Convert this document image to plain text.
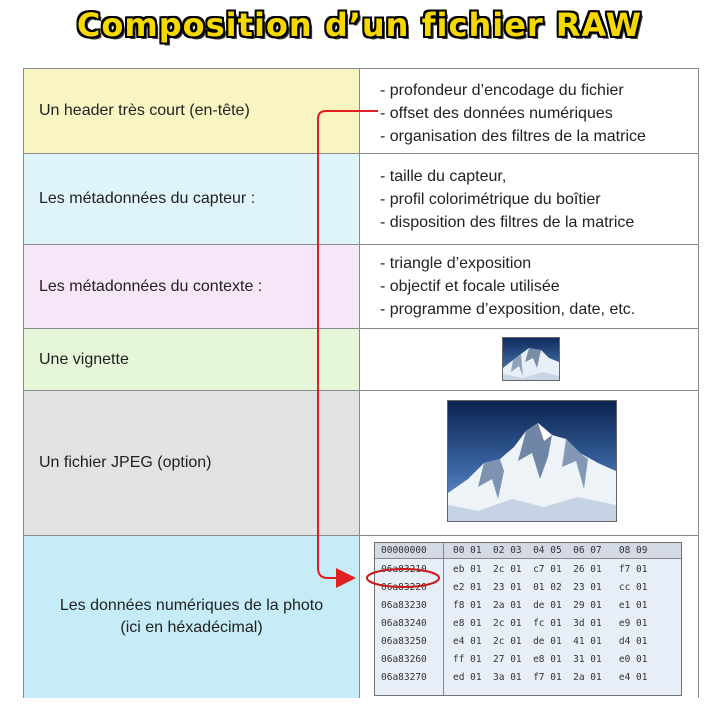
Composition d’un fichier RAW
Un header très court (en-tête)
- profondeur d’encodage du fichier
- offset des données numériques
- organisation des filtres de la matrice
Les métadonnées du capteur :
- taille du capteur,
- profil colorimétrique du boîtier
- disposition des filtres de la matrice
Les métadonnées du contexte :
- triangle d’exposition
- objectif et focale utilisée
- programme d’exposition, date, etc.
Une vignette
Un fichier JPEG (option)
Les données numériques de la photo
(ici en héxadécimal)
00000000	00 01  02 03  04 05  06 07   08 09
06a83210	eb 01  2c 01  c7 01  26 01   f7 01
06a83220	e2 01  23 01  01 02  23 01   cc 01
06a83230	f8 01  2a 01  de 01  29 01   e1 01
06a83240	e8 01  2c 01  fc 01  3d 01   e9 01
06a83250	e4 01  2c 01  de 01  41 01   d4 01
06a83260	ff 01  27 01  e8 01  31 01   e0 01
06a83270	ed 01  3a 01  f7 01  2a 01   e4 01
